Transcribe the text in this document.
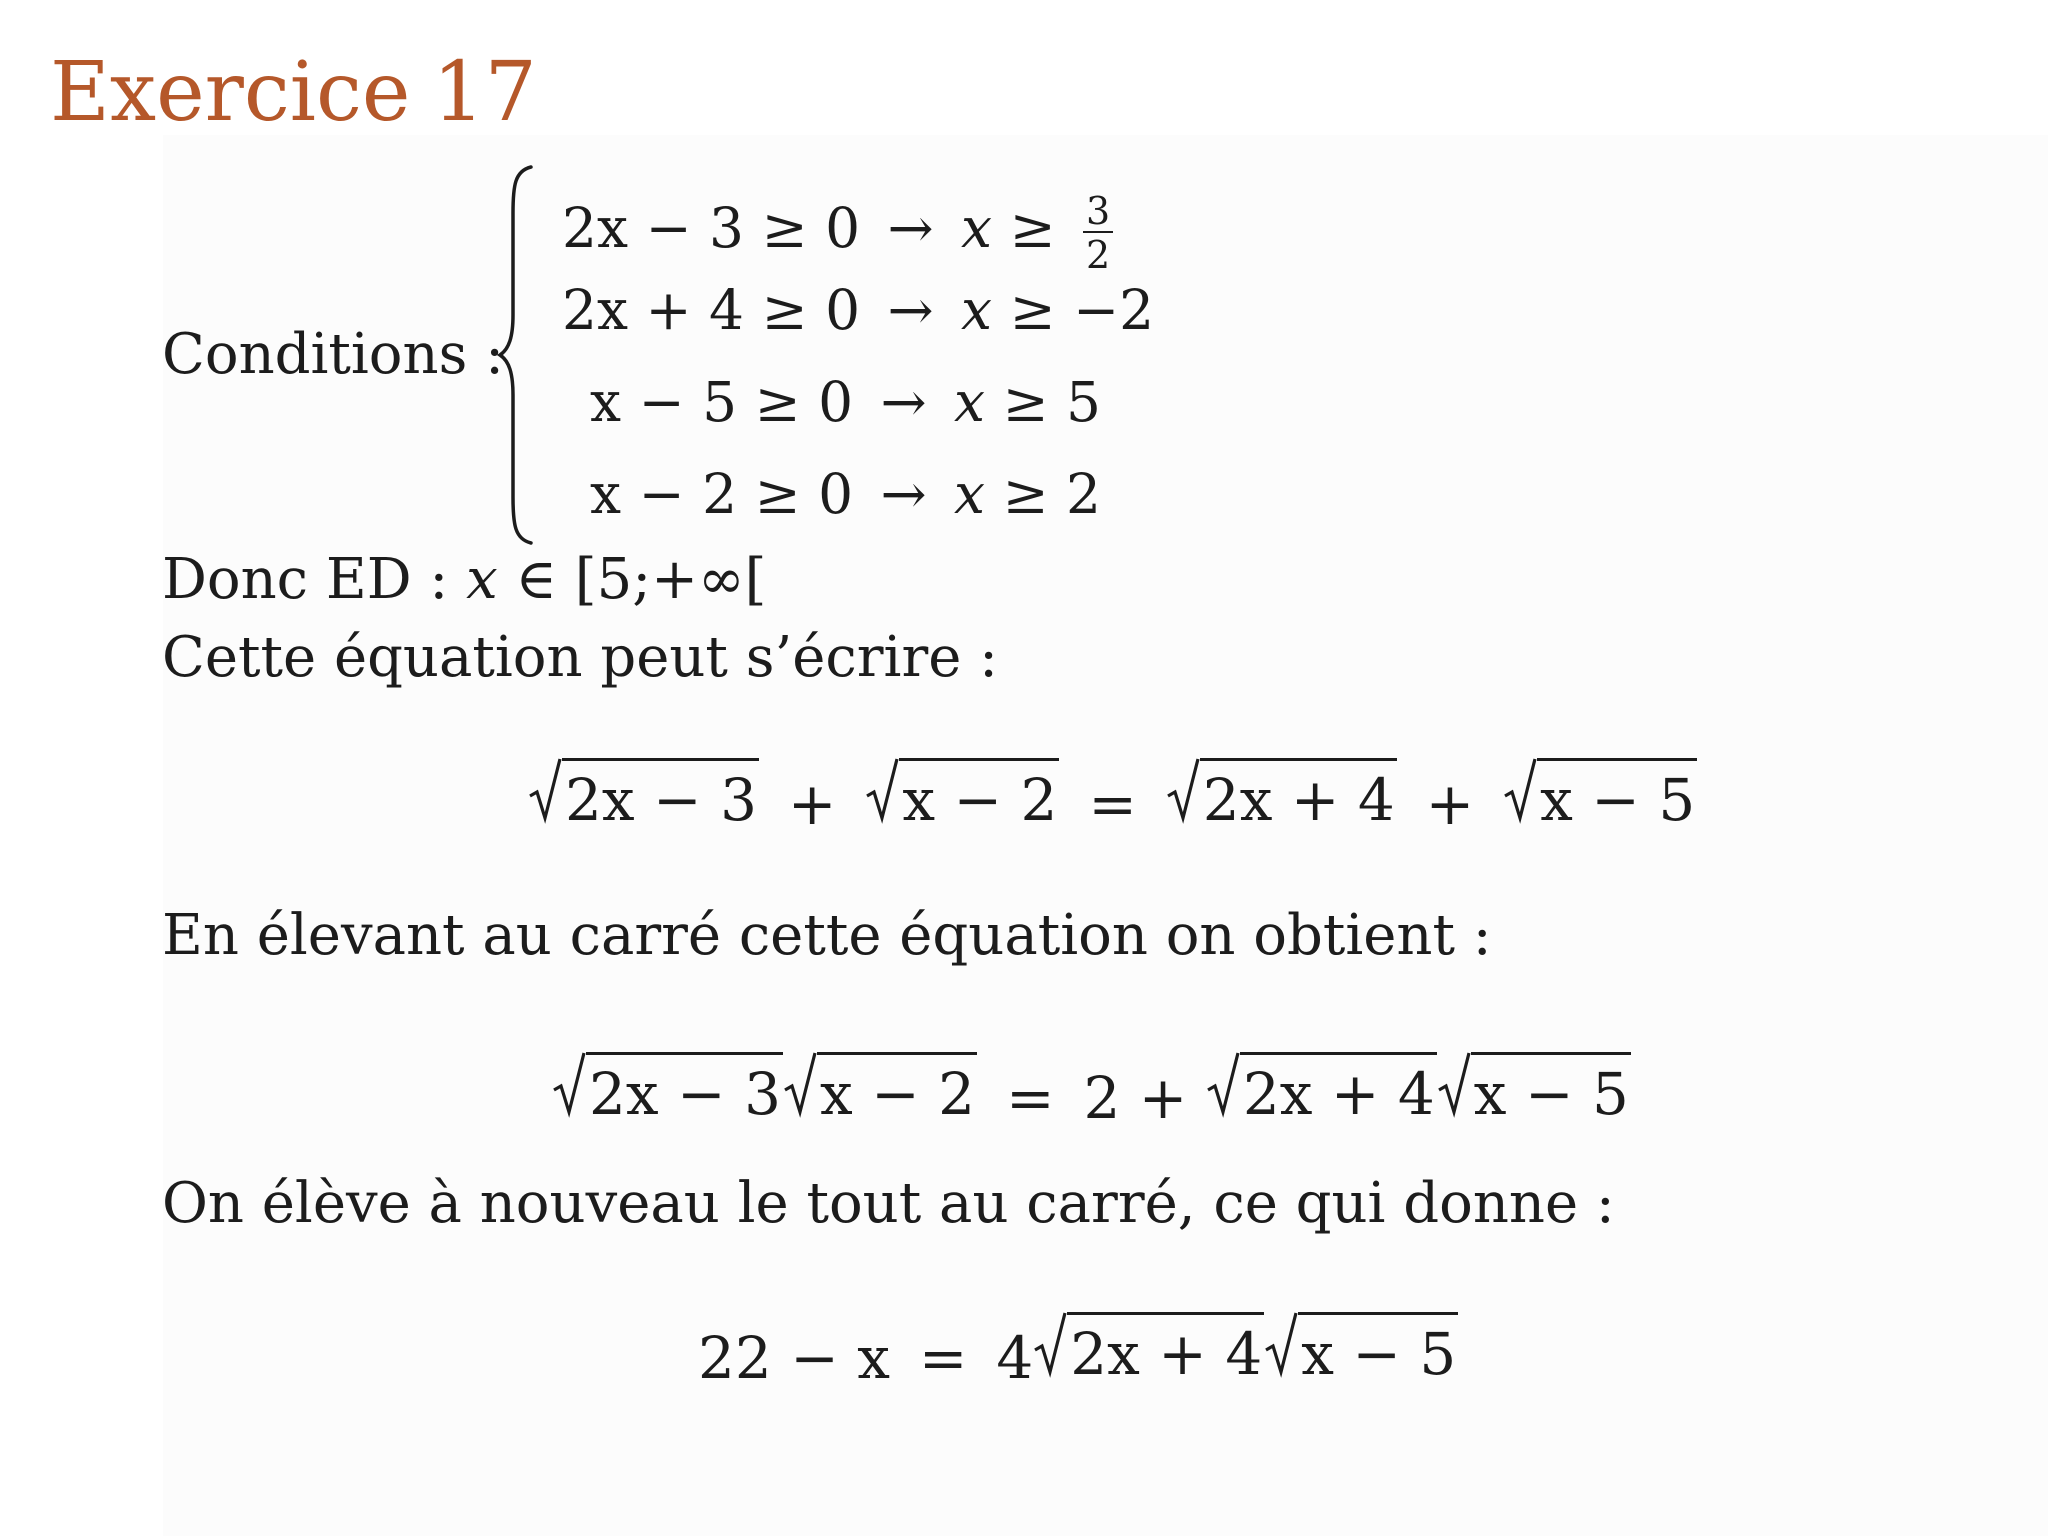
Exercice 17
Conditions :
$2x - 3 \ge 0 \to x \ge \frac{3}{2}$
2x + 4 ≥ 0 → x ≥ −2
x − 5 ≥ 0 → x ≥ 5
x − 2 ≥ 0 → x ≥ 2
Donc ED : x ∈ [5;+∞[
Cette équation peut s’écrire :
2x − 3 + x − 2 = 2x + 4 + x − 5
En élevant au carré cette équation on obtient :
2x − 3 x − 2 = 2 + 2x + 4 x − 5
On élève à nouveau le tout au carré, ce qui donne :
22 − x = 4 2x + 4 x − 5
